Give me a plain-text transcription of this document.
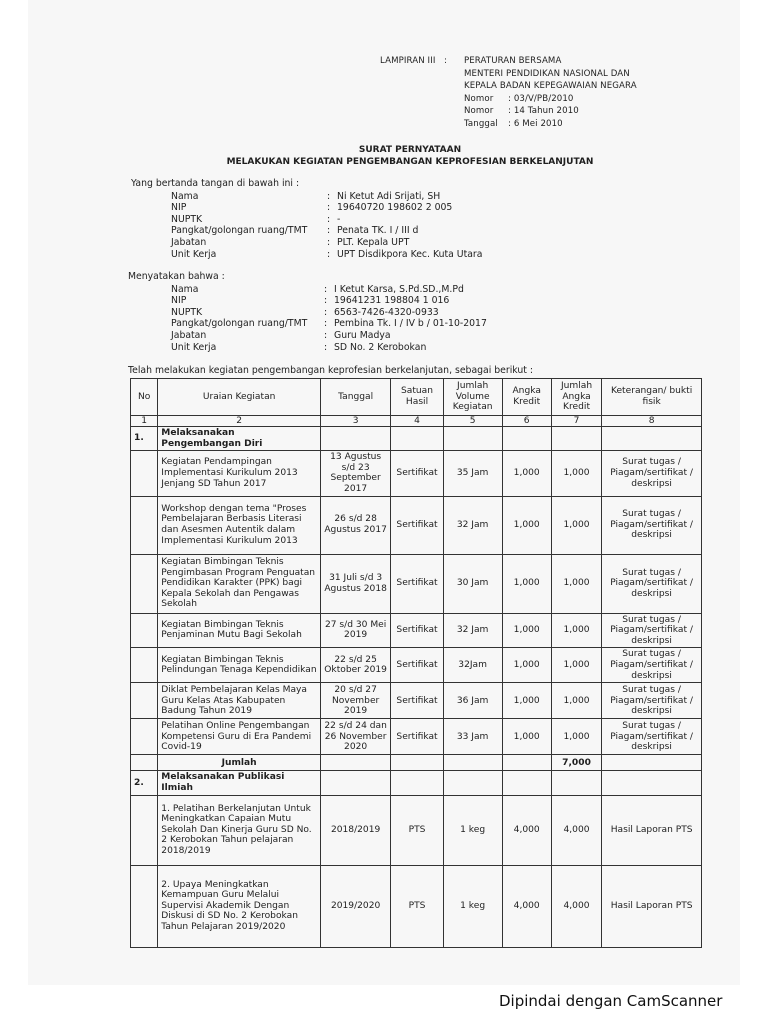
LAMPIRAN III :	PERATURAN BERSAMA
MENTERI PENDIDIKAN NASIONAL DAN
KEPALA BADAN KEPEGAWAIAN NEGARA
Nomor	: 03/V/PB/2010
Nomor	: 14 Tahun 2010
Tanggal	: 6 Mei 2010
SURAT PERNYATAAN
MELAKUKAN KEGIATAN PENGEMBANGAN KEPROFESIAN BERKELANJUTAN
Yang bertanda tangan di bawah ini :
Nama	: Ni Ketut Adi Srijati, SH
NIP	: 19640720 198602 2 005
NUPTK	: -
Pangkat/golongan ruang/TMT	: Penata TK. I / III d
Jabatan	: PLT. Kepala UPT
Unit Kerja	: UPT Disdikpora Kec. Kuta Utara
Menyatakan bahwa :
Nama	: I Ketut Karsa, S.Pd.SD.,M.Pd
NIP	: 19641231 198804 1 016
NUPTK	: 6563-7426-4320-0933
Pangkat/golongan ruang/TMT	: Pembina Tk. I / IV b / 01-10-2017
Jabatan	: Guru Madya
Unit Kerja	: SD No. 2 Kerobokan
Telah melakukan kegiatan pengembangan keprofesian berkelanjutan, sebagai berikut :
No	Uraian Kegiatan	Tanggal	Satuan Hasil	Jumlah Volume Kegiatan	Angka Kredit	Jumlah Angka Kredit	Keterangan/ bukti fisik
1	2	3	4	5	6	7	8
1.	Melaksanakan Pengembangan Diri						
	Kegiatan Pendampingan Implementasi Kurikulum 2013 Jenjang SD Tahun 2017	13 Agustus s/d 23 September 2017	Sertifikat	35 Jam	1,000	1,000	Surat tugas / Piagam/sertifikat / deskripsi
	Workshop dengan tema "Proses Pembelajaran Berbasis Literasi dan Asesmen Autentik dalam Implementasi Kurikulum 2013	26 s/d 28 Agustus 2017	Sertifikat	32 Jam	1,000	1,000	Surat tugas / Piagam/sertifikat / deskripsi
	Kegiatan Bimbingan Teknis Pengimbasan Program Penguatan Pendidikan Karakter (PPK) bagi Kepala Sekolah dan Pengawas Sekolah	31 Juli s/d 3 Agustus 2018	Sertifikat	30 Jam	1,000	1,000	Surat tugas / Piagam/sertifikat / deskripsi
	Kegiatan Bimbingan Teknis Penjaminan Mutu Bagi Sekolah	27 s/d 30 Mei 2019	Sertifikat	32 Jam	1,000	1,000	Surat tugas / Piagam/sertifikat / deskripsi
	Kegiatan Bimbingan Teknis Pelindungan Tenaga Kependidikan	22 s/d 25 Oktober 2019	Sertifikat	32Jam	1,000	1,000	Surat tugas / Piagam/sertifikat / deskripsi
	Diklat Pembelajaran Kelas Maya Guru Kelas Atas Kabupaten Badung Tahun 2019	20 s/d 27 November 2019	Sertifikat	36 Jam	1,000	1,000	Surat tugas / Piagam/sertifikat / deskripsi
	Pelatihan Online Pengembangan Kompetensi Guru di Era Pandemi Covid-19	22 s/d 24 dan 26 November 2020	Sertifikat	33 Jam	1,000	1,000	Surat tugas / Piagam/sertifikat / deskripsi
	Jumlah					7,000	
2.	Melaksanakan Publikasi Ilmiah						
	1. Pelatihan Berkelanjutan Untuk Meningkatkan Capaian Mutu Sekolah Dan Kinerja Guru SD No. 2 Kerobokan Tahun pelajaran 2018/2019	2018/2019	PTS	1 keg	4,000	4,000	Hasil Laporan PTS
	2. Upaya Meningkatkan Kemampuan Guru Melalui Supervisi Akademik Dengan Diskusi di SD No. 2 Kerobokan Tahun Pelajaran 2019/2020	2019/2020	PTS	1 keg	4,000	4,000	Hasil Laporan PTS
Dipindai dengan CamScanner
